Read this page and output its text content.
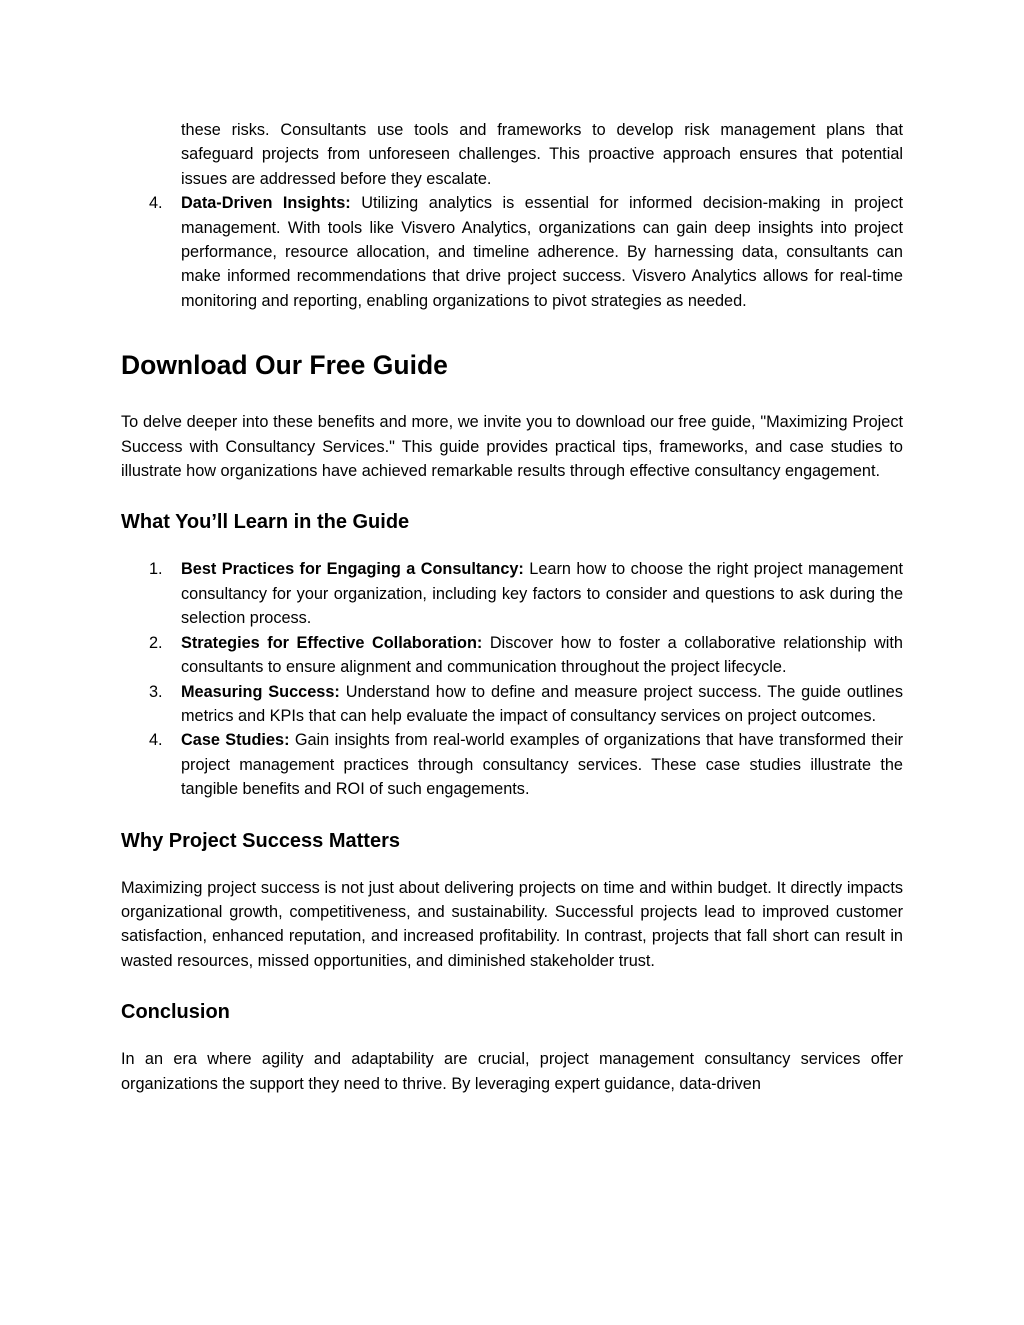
these risks. Consultants use tools and frameworks to develop risk management plans that safeguard projects from unforeseen challenges. This proactive approach ensures that potential issues are addressed before they escalate.
4. Data-Driven Insights: Utilizing analytics is essential for informed decision-making in project management. With tools like Visvero Analytics, organizations can gain deep insights into project performance, resource allocation, and timeline adherence. By harnessing data, consultants can make informed recommendations that drive project success. Visvero Analytics allows for real-time monitoring and reporting, enabling organizations to pivot strategies as needed.
Download Our Free Guide

To delve deeper into these benefits and more, we invite you to download our free guide, "Maximizing Project Success with Consultancy Services." This guide provides practical tips, frameworks, and case studies to illustrate how organizations have achieved remarkable results through effective consultancy engagement.

What You’ll Learn in the Guide
1. Best Practices for Engaging a Consultancy: Learn how to choose the right project management consultancy for your organization, including key factors to consider and questions to ask during the selection process.
2. Strategies for Effective Collaboration: Discover how to foster a collaborative relationship with consultants to ensure alignment and communication throughout the project lifecycle.
3. Measuring Success: Understand how to define and measure project success. The guide outlines metrics and KPIs that can help evaluate the impact of consultancy services on project outcomes.
4. Case Studies: Gain insights from real-world examples of organizations that have transformed their project management practices through consultancy services. These case studies illustrate the tangible benefits and ROI of such engagements.
Why Project Success Matters

Maximizing project success is not just about delivering projects on time and within budget. It directly impacts organizational growth, competitiveness, and sustainability. Successful projects lead to improved customer satisfaction, enhanced reputation, and increased profitability. In contrast, projects that fall short can result in wasted resources, missed opportunities, and diminished stakeholder trust.

Conclusion

In an era where agility and adaptability are crucial, project management consultancy services offer organizations the support they need to thrive. By leveraging expert guidance, data-driven
